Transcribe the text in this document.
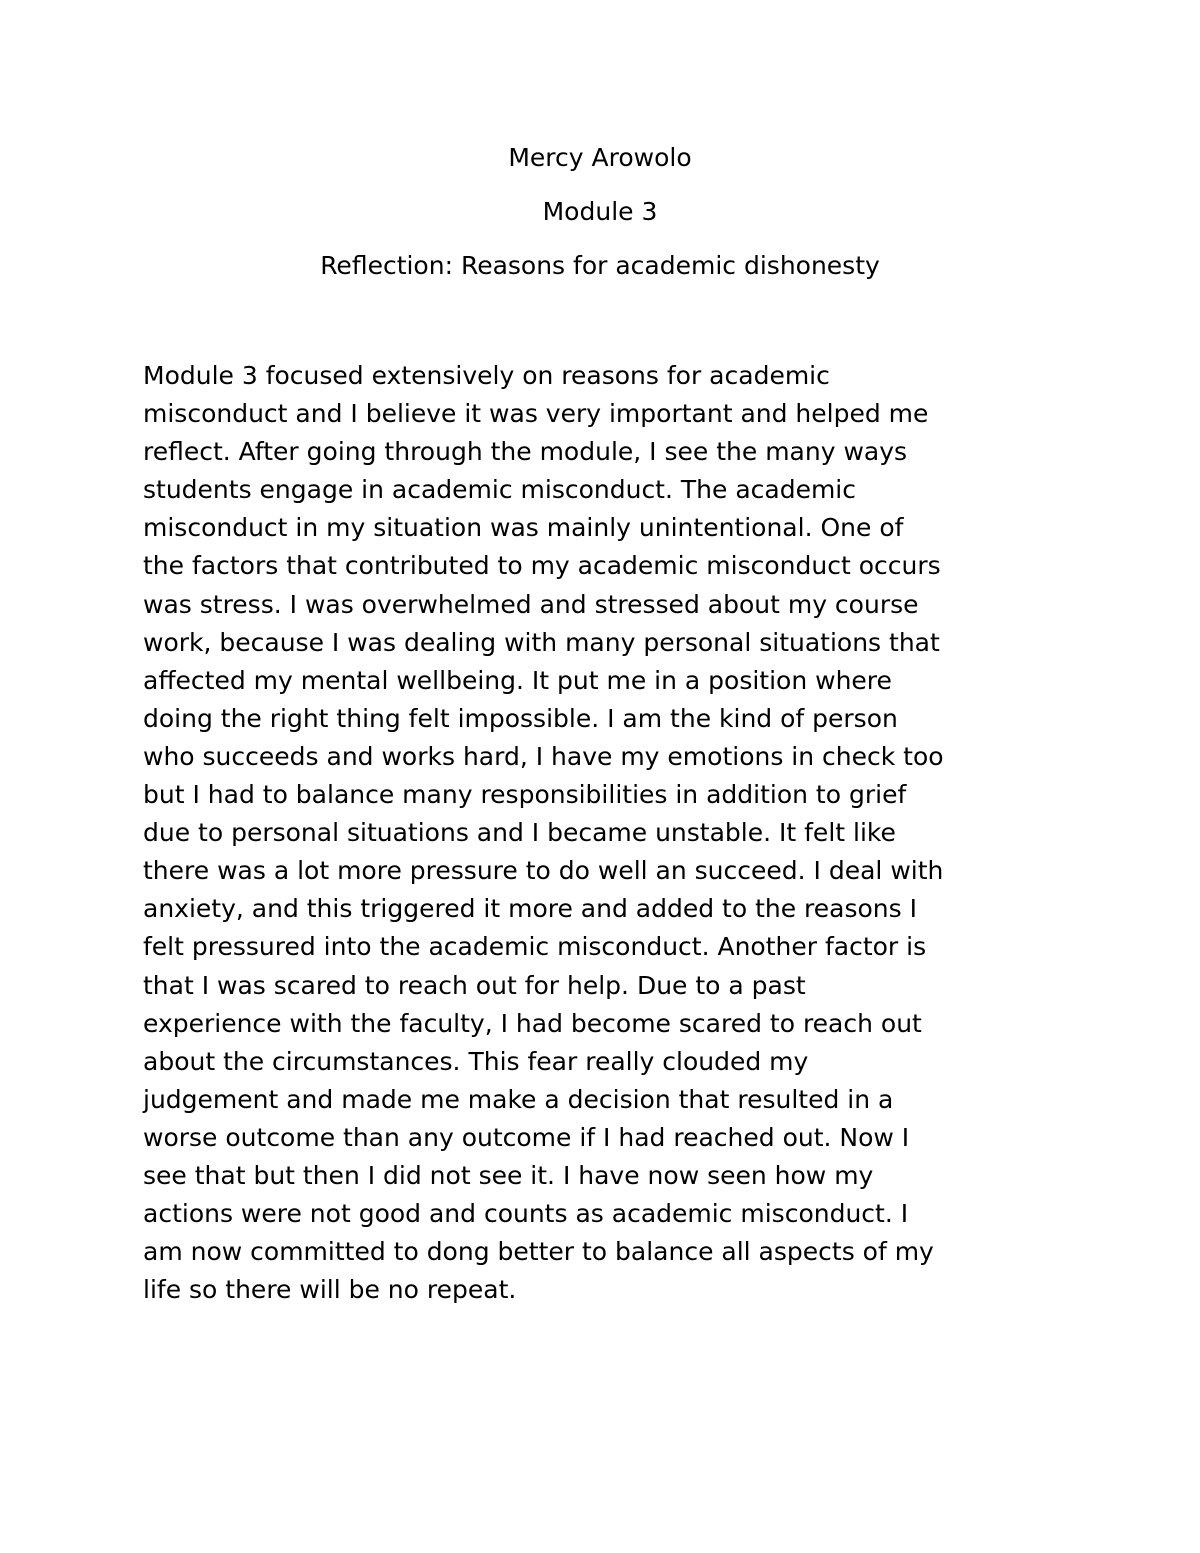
Mercy Arowolo
Module 3
Reflection: Reasons for academic dishonesty
Module 3 focused extensively on reasons for academic
misconduct and I believe it was very important and helped me
reflect. After going through the module, I see the many ways
students engage in academic misconduct. The academic
misconduct in my situation was mainly unintentional. One of
the factors that contributed to my academic misconduct occurs
was stress. I was overwhelmed and stressed about my course
work, because I was dealing with many personal situations that
affected my mental wellbeing. It put me in a position where
doing the right thing felt impossible. I am the kind of person
who succeeds and works hard, I have my emotions in check too
but I had to balance many responsibilities in addition to grief
due to personal situations and I became unstable. It felt like
there was a lot more pressure to do well an succeed. I deal with
anxiety, and this triggered it more and added to the reasons I
felt pressured into the academic misconduct. Another factor is
that I was scared to reach out for help. Due to a past
experience with the faculty, I had become scared to reach out
about the circumstances. This fear really clouded my
judgement and made me make a decision that resulted in a
worse outcome than any outcome if I had reached out. Now I
see that but then I did not see it. I have now seen how my
actions were not good and counts as academic misconduct. I
am now committed to dong better to balance all aspects of my
life so there will be no repeat.
